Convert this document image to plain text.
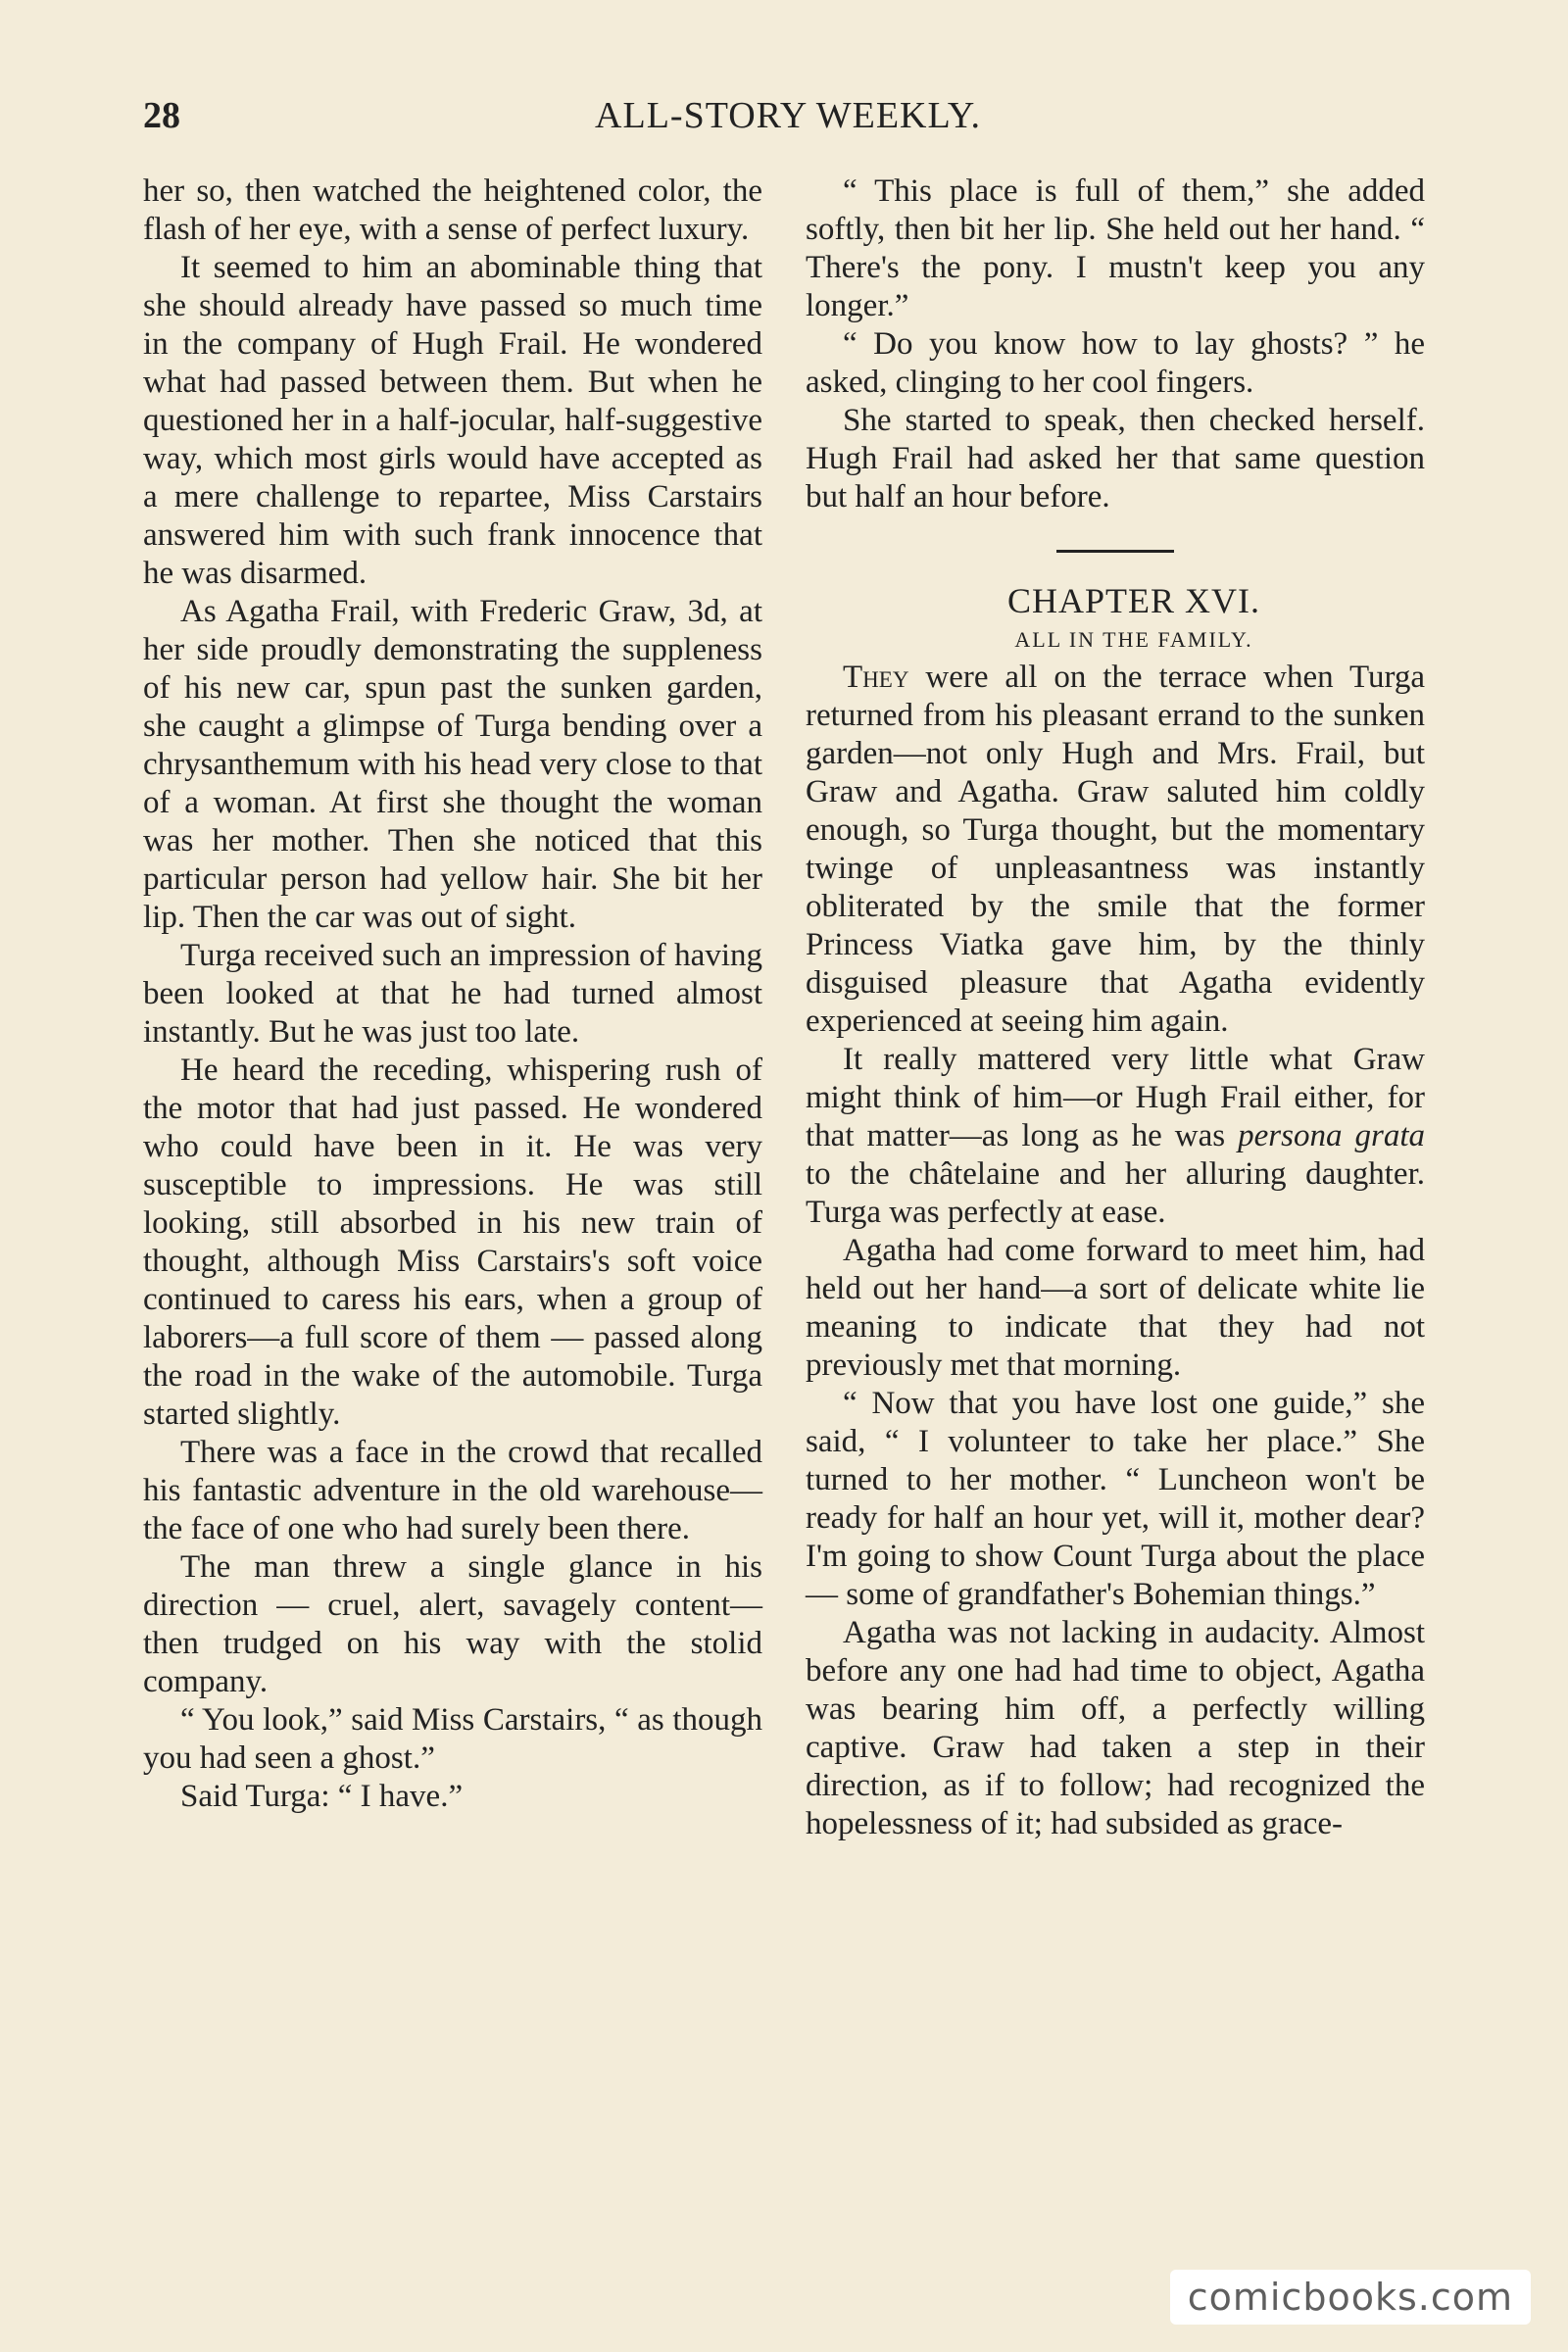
28	ALL-STORY WEEKLY.

her so, then watched the heightened color, the flash of her eye, with a sense of perfect luxury.

It seemed to him an abominable thing that she should already have passed so much time in the company of Hugh Frail. He wondered what had passed between them. But when he questioned her in a half-jocular, half-suggestive way, which most girls would have accepted as a mere challenge to repartee, Miss Carstairs answered him with such frank innocence that he was disarmed.

As Agatha Frail, with Frederic Graw, 3d, at her side proudly demonstrating the suppleness of his new car, spun past the sunken garden, she caught a glimpse of Turga bending over a chrysanthemum with his head very close to that of a woman. At first she thought the woman was her mother. Then she noticed that this particular person had yellow hair. She bit her lip. Then the car was out of sight.

Turga received such an impression of having been looked at that he had turned almost instantly. But he was just too late.

He heard the receding, whispering rush of the motor that had just passed. He wondered who could have been in it. He was very susceptible to impressions. He was still looking, still absorbed in his new train of thought, although Miss Carstairs's soft voice continued to caress his ears, when a group of laborers—a full score of them — passed along the road in the wake of the automobile. Turga started slightly.

There was a face in the crowd that recalled his fantastic adventure in the old warehouse—the face of one who had surely been there.

The man threw a single glance in his direction — cruel, alert, savagely content—then trudged on his way with the stolid company.

“ You look,” said Miss Carstairs, “ as though you had seen a ghost.”

Said Turga: “ I have.”

“ This place is full of them,” she added softly, then bit her lip. She held out her hand. “ There's the pony. I mustn't keep you any longer.”

“ Do you know how to lay ghosts? ” he asked, clinging to her cool fingers.

She started to speak, then checked herself. Hugh Frail had asked her that same question but half an hour before.

CHAPTER XVI.

ALL IN THE FAMILY.

They were all on the terrace when Turga returned from his pleasant errand to the sunken garden—not only Hugh and Mrs. Frail, but Graw and Agatha. Graw saluted him coldly enough, so Turga thought, but the momentary twinge of unpleasantness was instantly obliterated by the smile that the former Princess Viatka gave him, by the thinly disguised pleasure that Agatha evidently experienced at seeing him again.

It really mattered very little what Graw might think of him—or Hugh Frail either, for that matter—as long as he was persona grata to the châtelaine and her alluring daughter. Turga was perfectly at ease.

Agatha had come forward to meet him, had held out her hand—a sort of delicate white lie meaning to indicate that they had not previously met that morning.

“ Now that you have lost one guide,” she said, “ I volunteer to take her place.” She turned to her mother. “ Luncheon won't be ready for half an hour yet, will it, mother dear? I'm going to show Count Turga about the place — some of grandfather's Bohemian things.”

Agatha was not lacking in audacity. Almost before any one had had time to object, Agatha was bearing him off, a perfectly willing captive. Graw had taken a step in their direction, as if to follow; had recognized the hopelessness of it; had subsided as grace-

comicbooks.com
